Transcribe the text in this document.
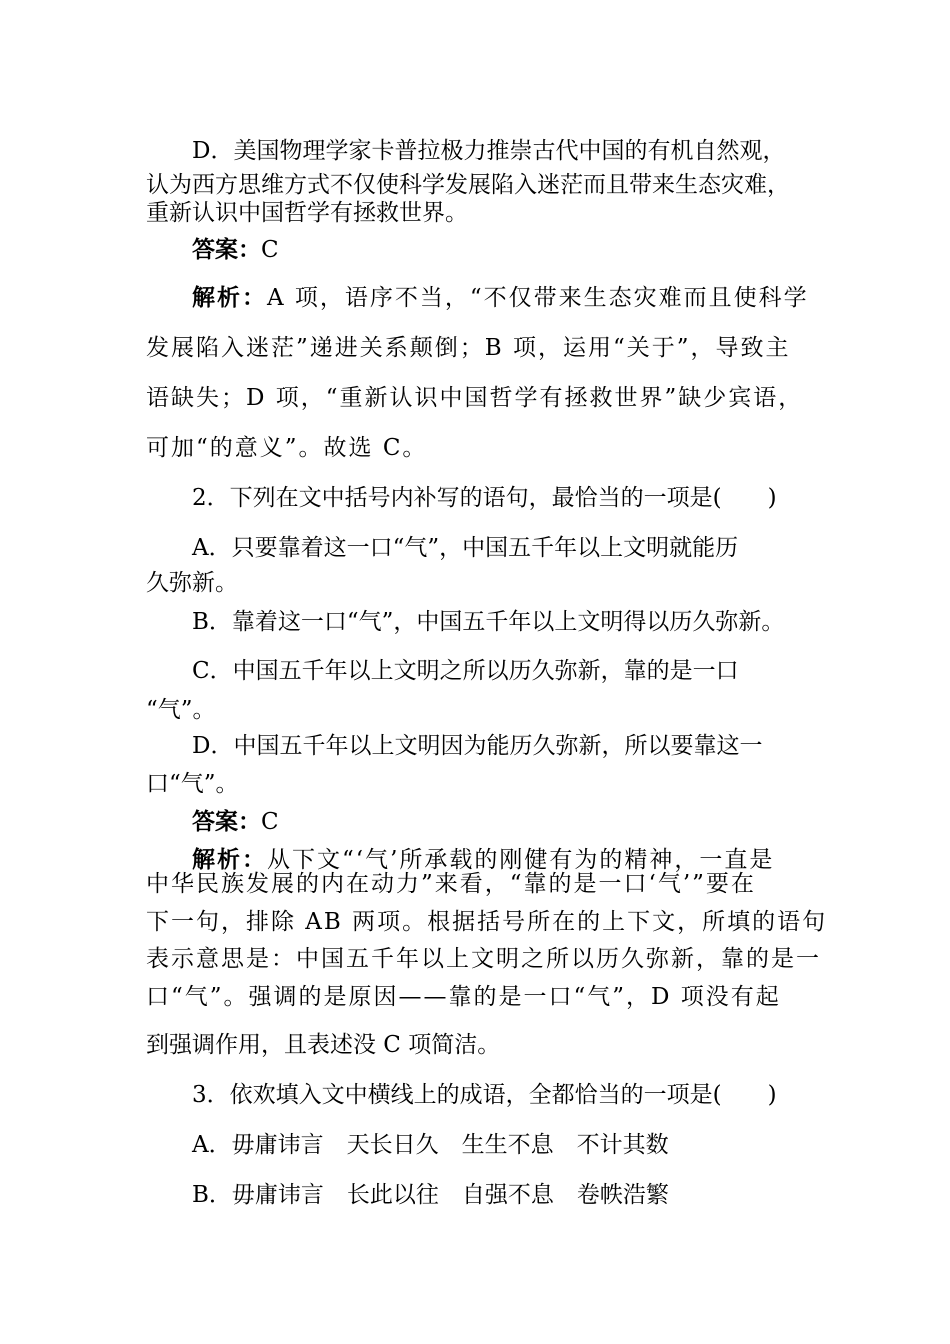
D．美国物理学家卡普拉极力推崇古代中国的有机自然观，
认为西方思维方式不仅使科学发展陷入迷茫而且带来生态灾难，
重新认识中国哲学有拯救世界。
答案：C
解析：A 项，语序不当，“不仅带来生态灾难而且使科学
发展陷入迷茫”递进关系颠倒；B 项，运用“关于”，导致主
语缺失；D 项，“重新认识中国哲学有拯救世界”缺少宾语，
可加“的意义”。故选 C。
2．下列在文中括号内补写的语句，最恰当的一项是(　　)
A．只要靠着这一口“气”，中国五千年以上文明就能历
久弥新。
B．靠着这一口“气”，中国五千年以上文明得以历久弥新。
C．中国五千年以上文明之所以历久弥新，靠的是一口
“气”。
D．中国五千年以上文明因为能历久弥新，所以要靠这一
口“气”。
答案：C
解析：从下文“‘气’所承载的刚健有为的精神，一直是
中华民族发展的内在动力”来看，“靠的是一口‘气’”要在
下一句，排除 AB 两项。根据括号所在的上下文，所填的语句
表示意思是：中国五千年以上文明之所以历久弥新，靠的是一
口“气”。强调的是原因——靠的是一口“气”，D 项没有起
到强调作用，且表述没 C 项简洁。
3．依欢填入文中横线上的成语，全都恰当的一项是(　　)
A．毋庸讳言　天长日久　生生不息　不计其数
B．毋庸讳言　长此以往　自强不息　卷帙浩繁
